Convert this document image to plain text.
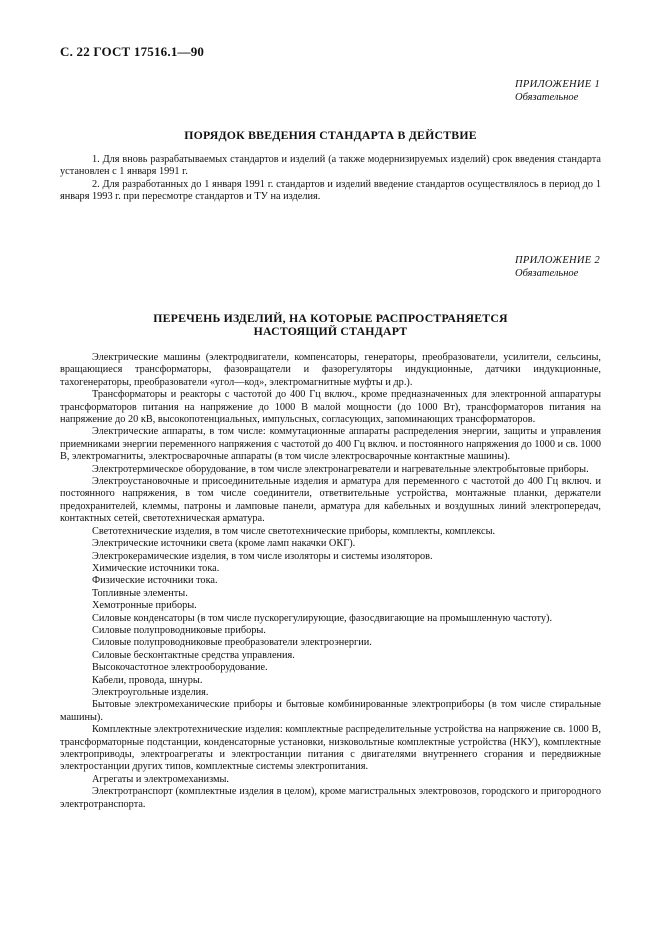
С. 22 ГОСТ 17516.1—90
ПРИЛОЖЕНИЕ 1
Обязательное
ПОРЯДОК ВВЕДЕНИЯ СТАНДАРТА В ДЕЙСТВИЕ

1. Для вновь разрабатываемых стандартов и изделий (а также модернизируемых изделий) срок введения стандарта установлен с 1 января 1991 г.

2. Для разработанных до 1 января 1991 г. стандартов и изделий введение стандартов осуществлялось в период до 1 января 1993 г. при пересмотре стандартов и ТУ на изделия.

ПРИЛОЖЕНИЕ 2
Обязательное
ПЕРЕЧЕНЬ ИЗДЕЛИЙ, НА КОТОРЫЕ РАСПРОСТРАНЯЕТСЯ
НАСТОЯЩИЙ СТАНДАРТ

Электрические машины (электродвигатели, компенсаторы, генераторы, преобразователи, усилители, сельсины, вращающиеся трансформаторы, фазовращатели и фазорегуляторы индукционные, датчики индукционные, тахогенераторы, преобразователи «угол—код», электромагнитные муфты и др.).

Трансформаторы и реакторы с частотой до 400 Гц включ., кроме предназначенных для электронной аппаратуры трансформаторов питания на напряжение до 1000 В малой мощности (до 1000 Вт), трансформаторов питания на напряжение до 20 кВ, высокопотенциальных, импульсных, согласующих, запоминающих трансформаторов.

Электрические аппараты, в том числе: коммутационные аппараты распределения энергии, защиты и управления приемниками энергии переменного напряжения с частотой до 400 Гц включ. и постоянного напряжения до 1000 и св. 1000 В, электромагниты, электросварочные аппараты (в том числе электросварочные контактные машины).

Электротермическое оборудование, в том числе электронагреватели и нагревательные электробытовые приборы.

Электроустановочные и присоединительные изделия и арматура для переменного с частотой до 400 Гц включ. и постоянного напряжения, в том числе соединители, ответвительные устройства, монтажные планки, держатели предохранителей, клеммы, патроны и ламповые панели, арматура для кабельных и воздушных линий электропередач, контактных сетей, светотехническая арматура.

Светотехнические изделия, в том числе светотехнические приборы, комплекты, комплексы.

Электрические источники света (кроме ламп накачки ОКГ).

Электрокерамические изделия, в том числе изоляторы и системы изоляторов.

Химические источники тока.

Физические источники тока.

Топливные элементы.

Хемотронные приборы.

Силовые конденсаторы (в том числе пускорегулирующие, фазосдвигающие на промышленную частоту).

Силовые полупроводниковые приборы.

Силовые полупроводниковые преобразователи электроэнергии.

Силовые бесконтактные средства управления.

Высокочастотное электрооборудование.

Кабели, провода, шнуры.

Электроугольные изделия.

Бытовые электромеханические приборы и бытовые комбинированные электроприборы (в том числе стиральные машины).

Комплектные электротехнические изделия: комплектные распределительные устройства на напряжение св. 1000 В, трансформаторные подстанции, конденсаторные установки, низковольтные комплектные устройства (НКУ), комплектные электроприводы, электроагрегаты и электростанции питания с двигателями внутреннего сгорания и передвижные электростанции других типов, комплектные системы электропитания.

Агрегаты и электромеханизмы.

Электротранспорт (комплектные изделия в целом), кроме магистральных электровозов, городского и пригородного электротранспорта.
